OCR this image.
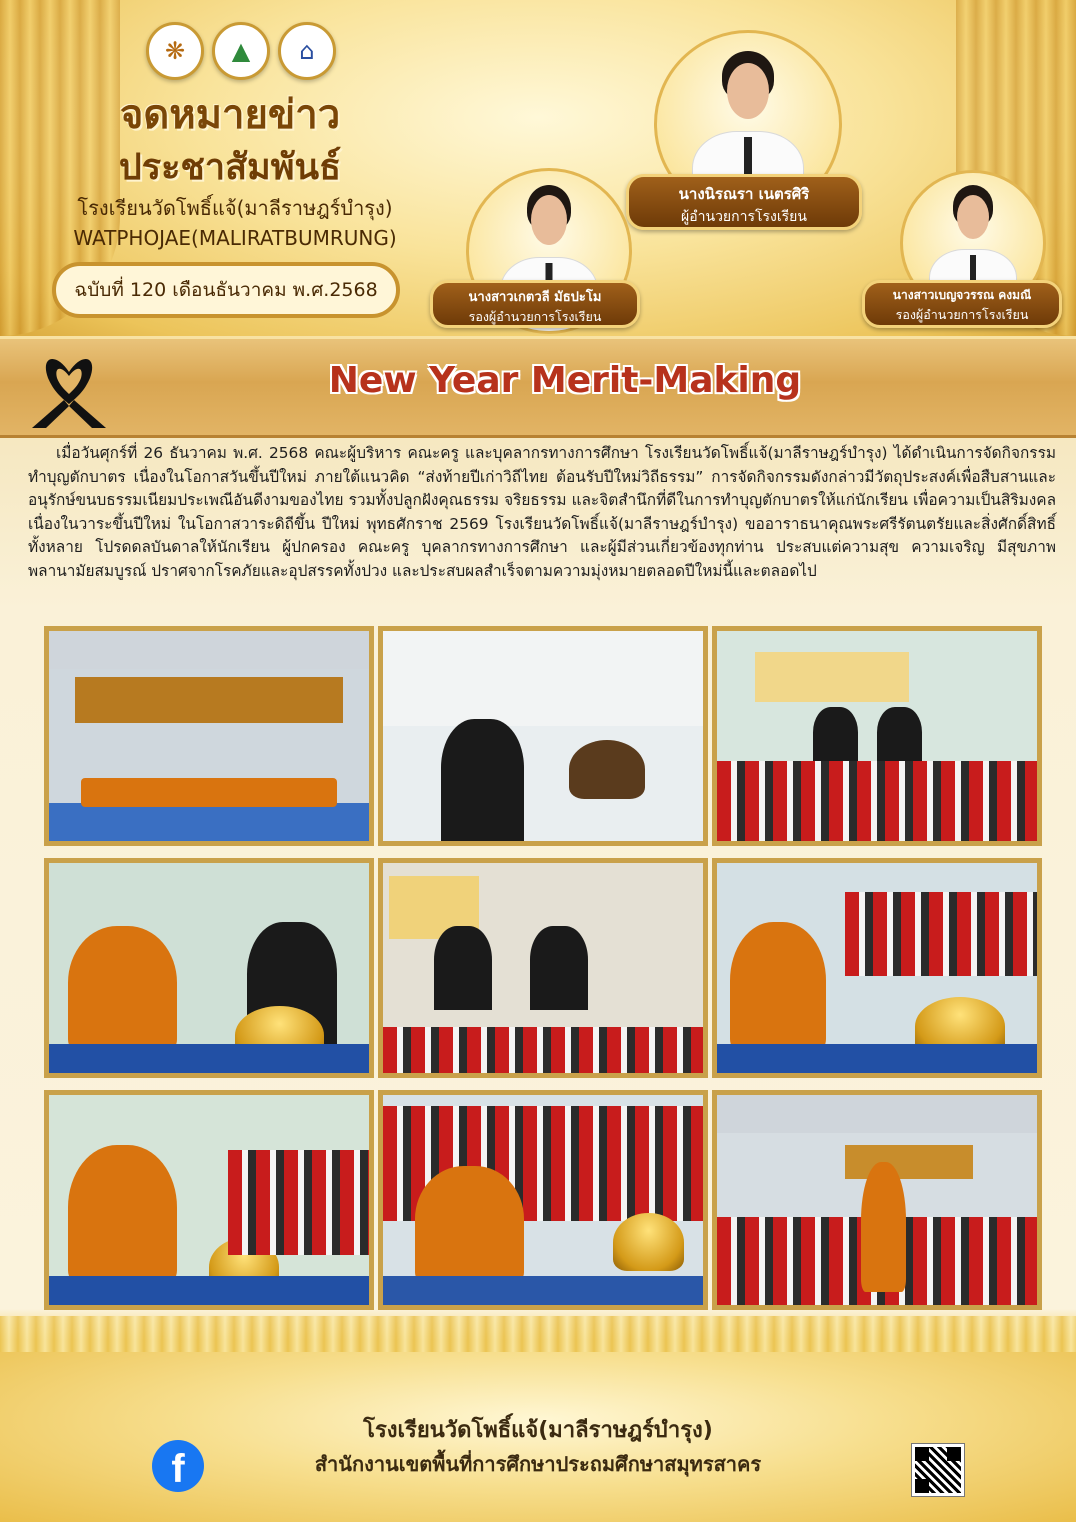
❋	▲	⌂
จดหมายข่าว
ประชาสัมพันธ์
โรงเรียนวัดโพธิ์แจ้(มาลีราษฎร์บำรุง)
WATPHOJAE(MALIRATBUMRUNG)
ฉบับที่ 120 เดือนธันวาคม พ.ศ.2568
นางนิรณรา เนตรศิริ
ผู้อำนวยการโรงเรียน
นางสาวเกตวลี มัธปะโม
รองผู้อำนวยการโรงเรียน
นางสาวเบญจวรรณ คงมณี
รองผู้อำนวยการโรงเรียน
New Year Merit-Making
เมื่อวันศุกร์ที่ 26 ธันวาคม พ.ศ. 2568 คณะผู้บริหาร คณะครู และบุคลากรทางการศึกษา โรงเรียนวัดโพธิ์แจ้(มาลีราษฎร์บำรุง) ได้ดำเนินการจัดกิจกรรมทำบุญตักบาตร เนื่องในโอกาสวันขึ้นปีใหม่ ภายใต้แนวคิด “ส่งท้ายปีเก่าวิถีไทย ต้อนรับปีใหม่วิถีธรรม” การจัดกิจกรรมดังกล่าวมีวัตถุประสงค์เพื่อสืบสานและอนุรักษ์ขนบธรรมเนียมประเพณีอันดีงามของไทย รวมทั้งปลูกฝังคุณธรรม จริยธรรม และจิตสำนึกที่ดีในการทำบุญตักบาตรให้แก่นักเรียน เพื่อความเป็นสิริมงคลเนื่องในวาระขึ้นปีใหม่ ในโอกาสวาระดิถีขึ้น ปีใหม่ พุทธศักราช 2569 โรงเรียนวัดโพธิ์แจ้(มาลีราษฎร์บำรุง) ขออาราธนาคุณพระศรีรัตนตรัยและสิ่งศักดิ์สิทธิ์ทั้งหลาย โปรดดลบันดาลให้นักเรียน ผู้ปกครอง คณะครู บุคลากรทางการศึกษา และผู้มีส่วนเกี่ยวข้องทุกท่าน ประสบแต่ความสุข ความเจริญ มีสุขภาพพลานามัยสมบูรณ์ ปราศจากโรคภัยและอุปสรรคทั้งปวง และประสบผลสำเร็จตามความมุ่งหมายตลอดปีใหม่นี้และตลอดไป
f
โรงเรียนวัดโพธิ์แจ้(มาลีราษฎร์บำรุง)
สำนักงานเขตพื้นที่การศึกษาประถมศึกษาสมุทรสาคร
